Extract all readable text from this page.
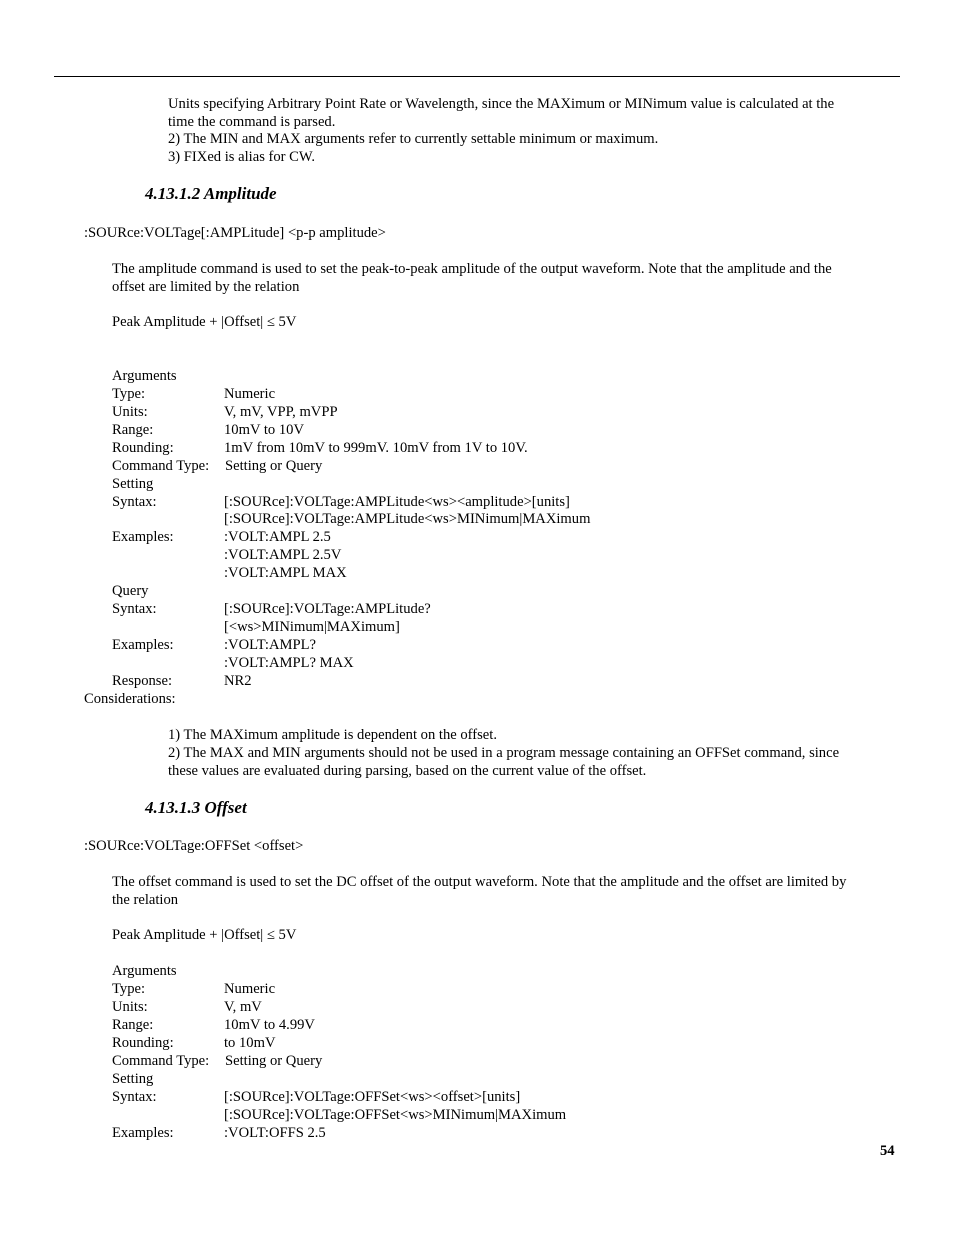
Units specifying Arbitrary Point Rate or Wavelength, since the MAXimum or MINimum value is calculated at the
time the command is parsed.
2) The MIN and MAX arguments refer to currently settable minimum or maximum.
3) FIXed is alias for CW.
4.13.1.2 Amplitude
:SOURce:VOLTage[:AMPLitude] <p-p amplitude>
The amplitude command is used to set the peak-to-peak amplitude of the output waveform. Note that the amplitude and the
offset are limited by the relation
Peak Amplitude + |Offset| ≤ 5V
Arguments
Type:	Numeric
Units:	V, mV, VPP, mVPP
Range:	10mV to 10V
Rounding:	1mV from 10mV to 999mV. 10mV from 1V to 10V.
Command Type: Setting or Query
Setting
Syntax:	[:SOURce]:VOLTage:AMPLitude<ws><amplitude>[units]
[:SOURce]:VOLTage:AMPLitude<ws>MINimum|MAXimum
Examples:	:VOLT:AMPL 2.5
:VOLT:AMPL 2.5V
:VOLT:AMPL MAX
Query
Syntax:	[:SOURce]:VOLTage:AMPLitude?
[<ws>MINimum|MAXimum]
Examples:	:VOLT:AMPL?
:VOLT:AMPL? MAX
Response:	NR2
Considerations:
1) The MAXimum amplitude is dependent on the offset.
2) The MAX and MIN arguments should not be used in a program message containing an OFFSet command, since
these values are evaluated during parsing, based on the current value of the offset.
4.13.1.3 Offset
:SOURce:VOLTage:OFFSet <offset>
The offset command is used to set the DC offset of the output waveform. Note that the amplitude and the offset are limited by
the relation
Peak Amplitude + |Offset| ≤ 5V
Arguments
Type:	Numeric
Units:	V, mV
Range:	10mV to 4.99V
Rounding:	to 10mV
Command Type: Setting or Query
Setting
Syntax:	[:SOURce]:VOLTage:OFFSet<ws><offset>[units]
[:SOURce]:VOLTage:OFFSet<ws>MINimum|MAXimum
Examples:	:VOLT:OFFS 2.5
54
